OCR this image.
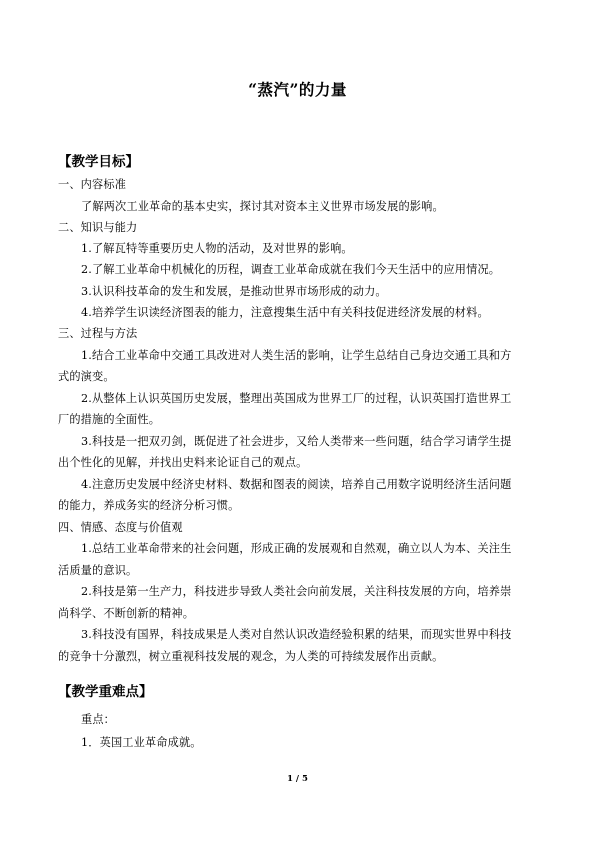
“蒸汽”的力量
【教学目标】
一、内容标准
了解两次工业革命的基本史实，探讨其对资本主义世界市场发展的影响。
二、知识与能力
1.了解瓦特等重要历史人物的活动，及对世界的影响。
2.了解工业革命中机械化的历程，调查工业革命成就在我们今天生活中的应用情况。
3.认识科技革命的发生和发展，是推动世界市场形成的动力。
4.培养学生识读经济图表的能力，注意搜集生活中有关科技促进经济发展的材料。
三、过程与方法
1.结合工业革命中交通工具改进对人类生活的影响，让学生总结自己身边交通工具和方
式的演变。
2.从整体上认识英国历史发展，整理出英国成为世界工厂的过程，认识英国打造世界工
厂的措施的全面性。
3.科技是一把双刃剑，既促进了社会进步，又给人类带来一些问题，结合学习请学生提
出个性化的见解，并找出史料来论证自己的观点。
4.注意历史发展中经济史材料、数据和图表的阅读，培养自己用数字说明经济生活问题
的能力，养成务实的经济分析习惯。
四、情感、态度与价值观
1.总结工业革命带来的社会问题，形成正确的发展观和自然观，确立以人为本、关注生
活质量的意识。
2.科技是第一生产力，科技进步导致人类社会向前发展，关注科技发展的方向，培养崇
尚科学、不断创新的精神。
3.科技没有国界，科技成果是人类对自然认识改造经验积累的结果，而现实世界中科技
的竞争十分激烈，树立重视科技发展的观念，为人类的可持续发展作出贡献。
【教学重难点】
重点：
1．英国工业革命成就。
1 / 5
